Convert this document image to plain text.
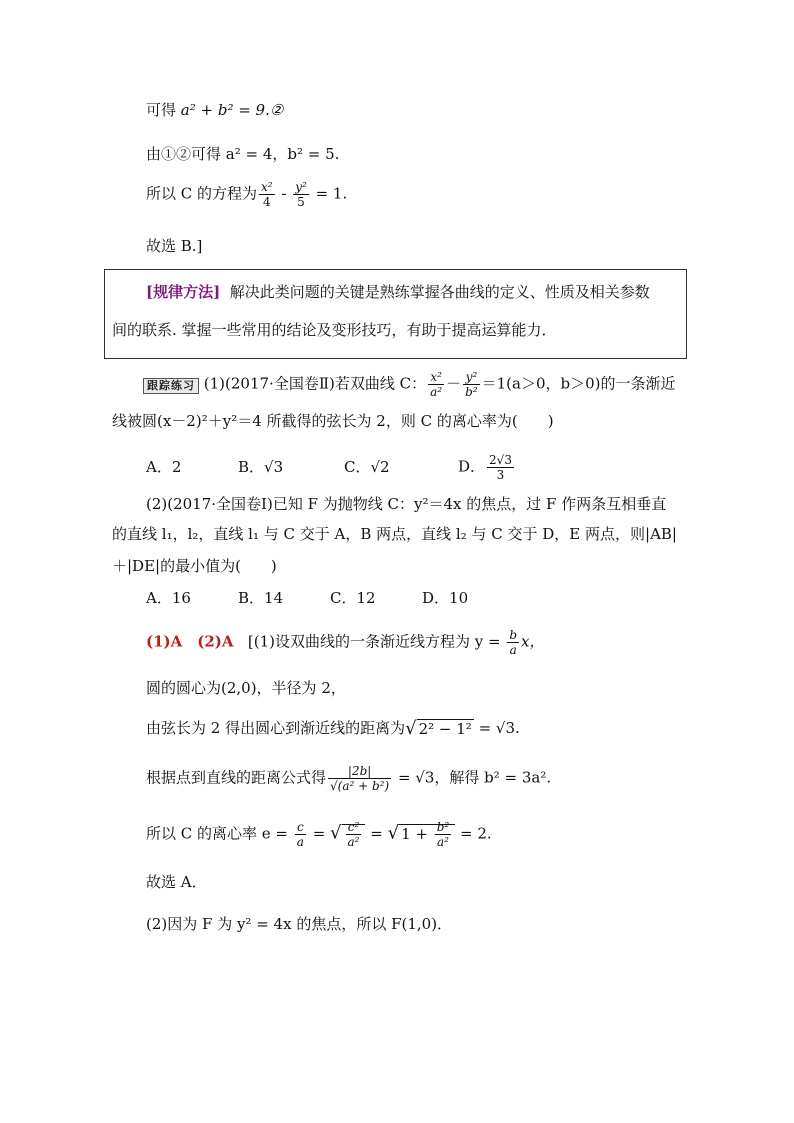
可得 a² + b² = 9.②
由①②可得 a² = 4，b² = 5.
所以 C 的方程为 $\frac{\text{x²}}{4} - \frac{\text{y²}}{5} = 1$.
故选 B.]
[规律方法] 解决此类问题的关键是熟练掌握各曲线的定义、性质及相关参数
间的联系. 掌握一些常用的结论及变形技巧，有助于提高运算能力．
跟踪练习 (1)(2017·全国卷Ⅱ)若双曲线 C： $\frac{\text{x²}}{\text{a²}} - \frac{\text{y²}}{\text{b²}} =1(a>0$，b＞0)的一条渐近
线被圆(x－2)²＋y²＝4 所截得的弦长为 2，则 C 的离心率为(　　)
A．2	B．√3	C．√2	D． $\frac{2√3}{3}$
(2)(2017·全国卷Ⅰ)已知 F 为抛物线 C：y²＝4x 的焦点，过 F 作两条互相垂直
的直线 l₁，l₂，直线 l₁ 与 C 交于 A，B 两点，直线 l₂ 与 C 交于 D，E 两点，则|AB|
＋|DE|的最小值为(　　)
A．16	B．14	C．12	D．10
(1)A　(2)A [(1)设双曲线的一条渐近线方程为 $y = \frac{b}{a}$ x，
圆的圆心为(2,0)，半径为 2，
由弦长为 2 得出圆心到渐近线的距离为√ 2² − 1² = √3.
根据点到直线的距离公式得 $\frac{|2b|}{\text{√(a² + b²)}} = √3$，解得 b² = 3a².
所以 C 的离心率 $e = \frac{c}{a}$ = √ $\frac{\text{c²}}{\text{a²}}$ = √ $1 + \frac{\text{b²}}{\text{a²}} = 2$.
故选 A．
(2)因为 F 为 y² = 4x 的焦点，所以 F(1,0)．
